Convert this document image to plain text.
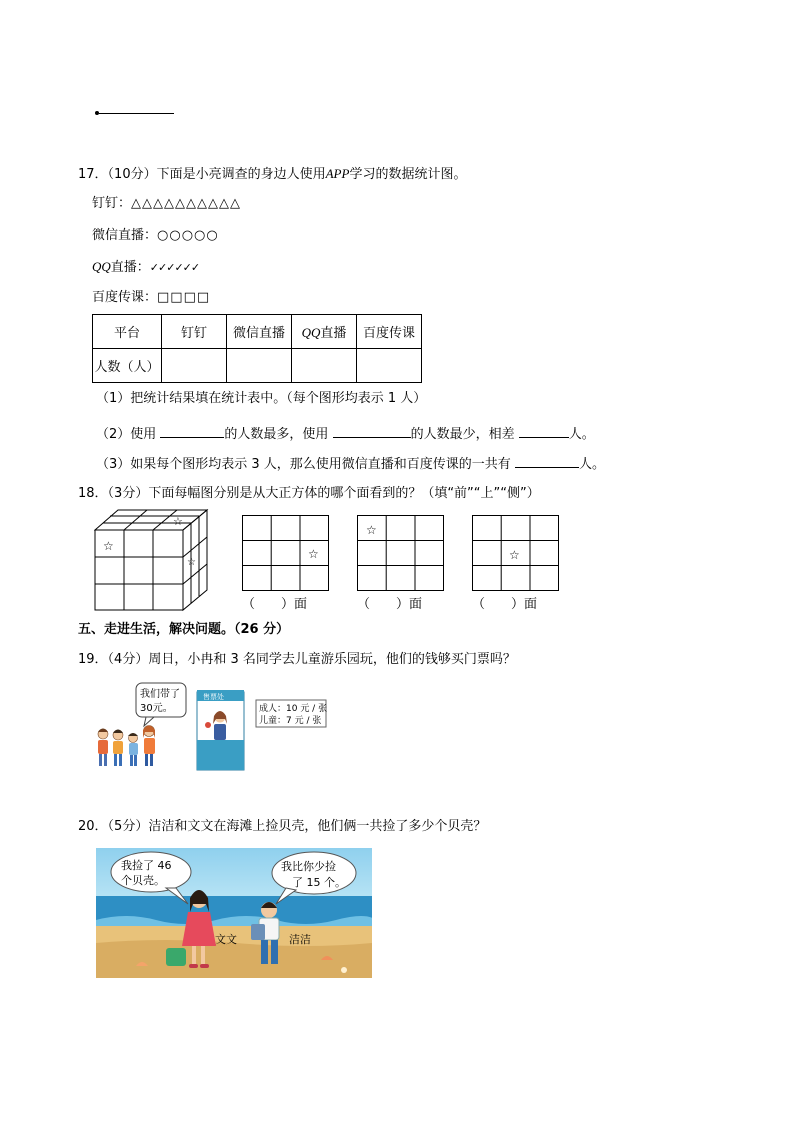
17．（10分）下面是小亮调查的身边人使用APP学习的数据统计图。
钉钉：△△△△△△△△△△
微信直播：○○○○○
QQ直播：✓✓✓✓✓✓
百度传课：□□□□
平台	钉钉	微信直播	QQ直播	百度传课
人数（人）				
（1）把统计结果填在统计表中。（每个图形均表示 1 人）
（2）使用	的人数最多，使用	的人数最少，相差	人。
（3）如果每个图形均表示 3 人，那么使用微信直播和百度传课的一共有	人。
18．（3分）下面每幅图分别是从大正方体的哪个面看到的？（填“前”“上”“侧”）
☆
☆
☆
☆
（　　）面
☆
（　　）面
☆
（　　）面
五、走进生活，解决问题。（26 分）
19．（4分）周日，小冉和 3 名同学去儿童游乐园玩，他们的钱够买门票吗？
我们带了
30元。
售票处
成人：10 元 / 张
儿童：7 元 / 张
20．（5分）洁洁和文文在海滩上捡贝壳，他们俩一共捡了多少个贝壳？
我捡了 46
个贝壳。
我比你少捡
了 15 个。
文文	洁洁
